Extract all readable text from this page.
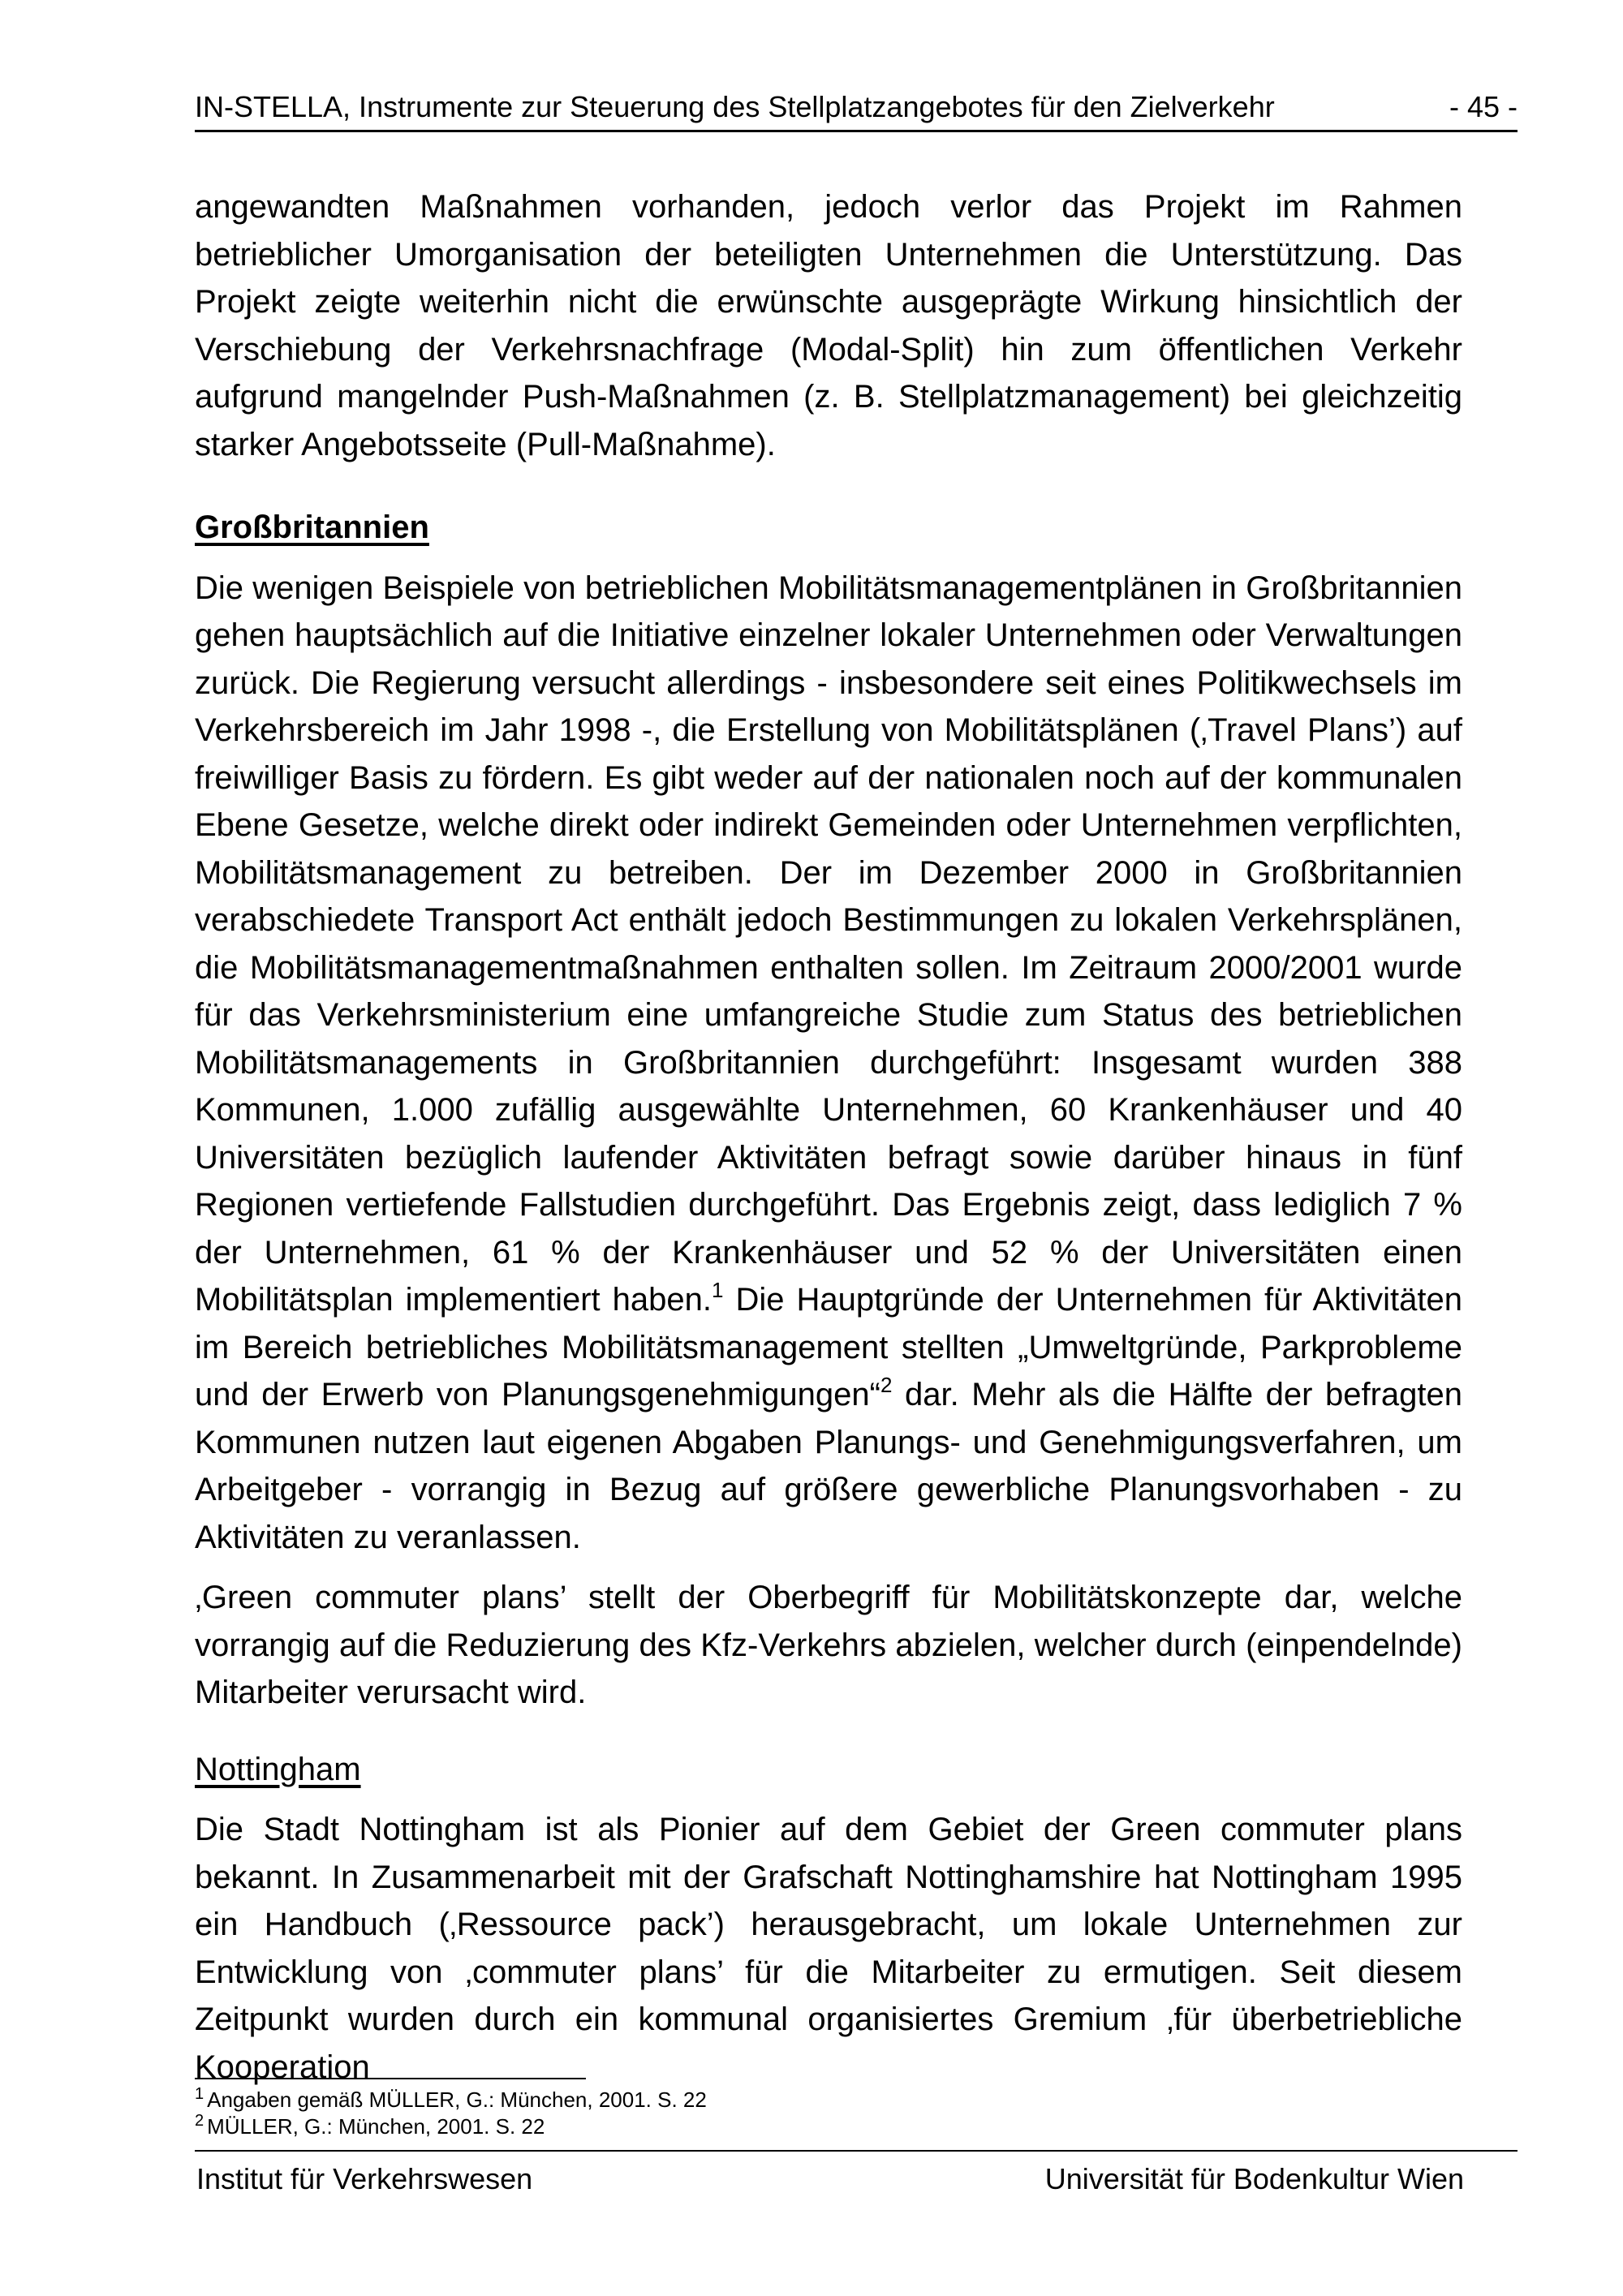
IN-STELLA, Instrumente zur Steuerung des Stellplatzangebotes für den Zielverkehr	- 45 -

angewandten Maßnahmen vorhanden, jedoch verlor das Projekt im Rahmen betrieblicher Umorganisation der beteiligten Unternehmen die Unterstützung. Das Projekt zeigte weiterhin nicht die erwünschte ausgeprägte Wirkung hinsichtlich der Verschiebung der Verkehrsnachfrage (Modal-Split) hin zum öffentlichen Verkehr aufgrund mangelnder Push-Maßnahmen (z. B. Stellplatzmanagement) bei gleichzeitig starker Angebotsseite (Pull-Maßnahme).

Großbritannien

Die wenigen Beispiele von betrieblichen Mobilitätsmanagementplänen in Großbritannien gehen hauptsächlich auf die Initiative einzelner lokaler Unternehmen oder Verwaltungen zurück. Die Regierung versucht allerdings - insbesondere seit eines Politikwechsels im Verkehrsbereich im Jahr 1998 -, die Erstellung von Mobilitätsplänen (‚Travel Plans’) auf freiwilliger Basis zu fördern. Es gibt weder auf der nationalen noch auf der kommunalen Ebene Gesetze, welche direkt oder indirekt Gemeinden oder Unternehmen verpflichten, Mobilitätsmanagement zu betreiben. Der im Dezember 2000 in Großbritannien verabschiedete Transport Act enthält jedoch Bestimmungen zu lokalen Verkehrsplänen, die Mobilitätsmanagementmaßnahmen enthalten sollen. Im Zeitraum 2000/2001 wurde für das Verkehrsministerium eine umfangreiche Studie zum Status des betrieblichen Mobilitätsmanagements in Großbritannien durchgeführt: Insgesamt wurden 388 Kommunen, 1.000 zufällig ausgewählte Unternehmen, 60 Krankenhäuser und 40 Universitäten bezüglich laufender Aktivitäten befragt sowie darüber hinaus in fünf Regionen vertiefende Fallstudien durchgeführt. Das Ergebnis zeigt, dass lediglich 7 % der Unternehmen, 61 % der Krankenhäuser und 52 % der Universitäten einen Mobilitätsplan implementiert haben.$^1$ Die Hauptgründe der Unternehmen für Aktivitäten im Bereich betriebliches Mobilitätsmanagement stellten „Umweltgründe, Parkprobleme und der Erwerb von Planungsgenehmigungen“$^2$ dar. Mehr als die Hälfte der befragten Kommunen nutzen laut eigenen Abgaben Planungs- und Genehmigungsverfahren, um Arbeitgeber - vorrangig in Bezug auf größere gewerbliche Planungsvorhaben - zu Aktivitäten zu veranlassen.

‚Green commuter plans’ stellt der Oberbegriff für Mobilitätskonzepte dar, welche vorrangig auf die Reduzierung des Kfz-Verkehrs abzielen, welcher durch (einpendelnde) Mitarbeiter verursacht wird.

Nottingham

Die Stadt Nottingham ist als Pionier auf dem Gebiet der Green commuter plans bekannt. In Zusammenarbeit mit der Grafschaft Nottinghamshire hat Nottingham 1995 ein Handbuch (‚Ressource pack’) herausgebracht, um lokale Unternehmen zur Entwicklung von ‚commuter plans’ für die Mitarbeiter zu ermutigen. Seit diesem Zeitpunkt wurden durch ein kommunal organisiertes Gremium ‚für überbetriebliche Kooperation

$^1$ Angaben gemäß MÜLLER, G.: München, 2001. S. 22
$^2$ MÜLLER, G.: München, 2001. S. 22
Institut für Verkehrswesen	Universität für Bodenkultur Wien
